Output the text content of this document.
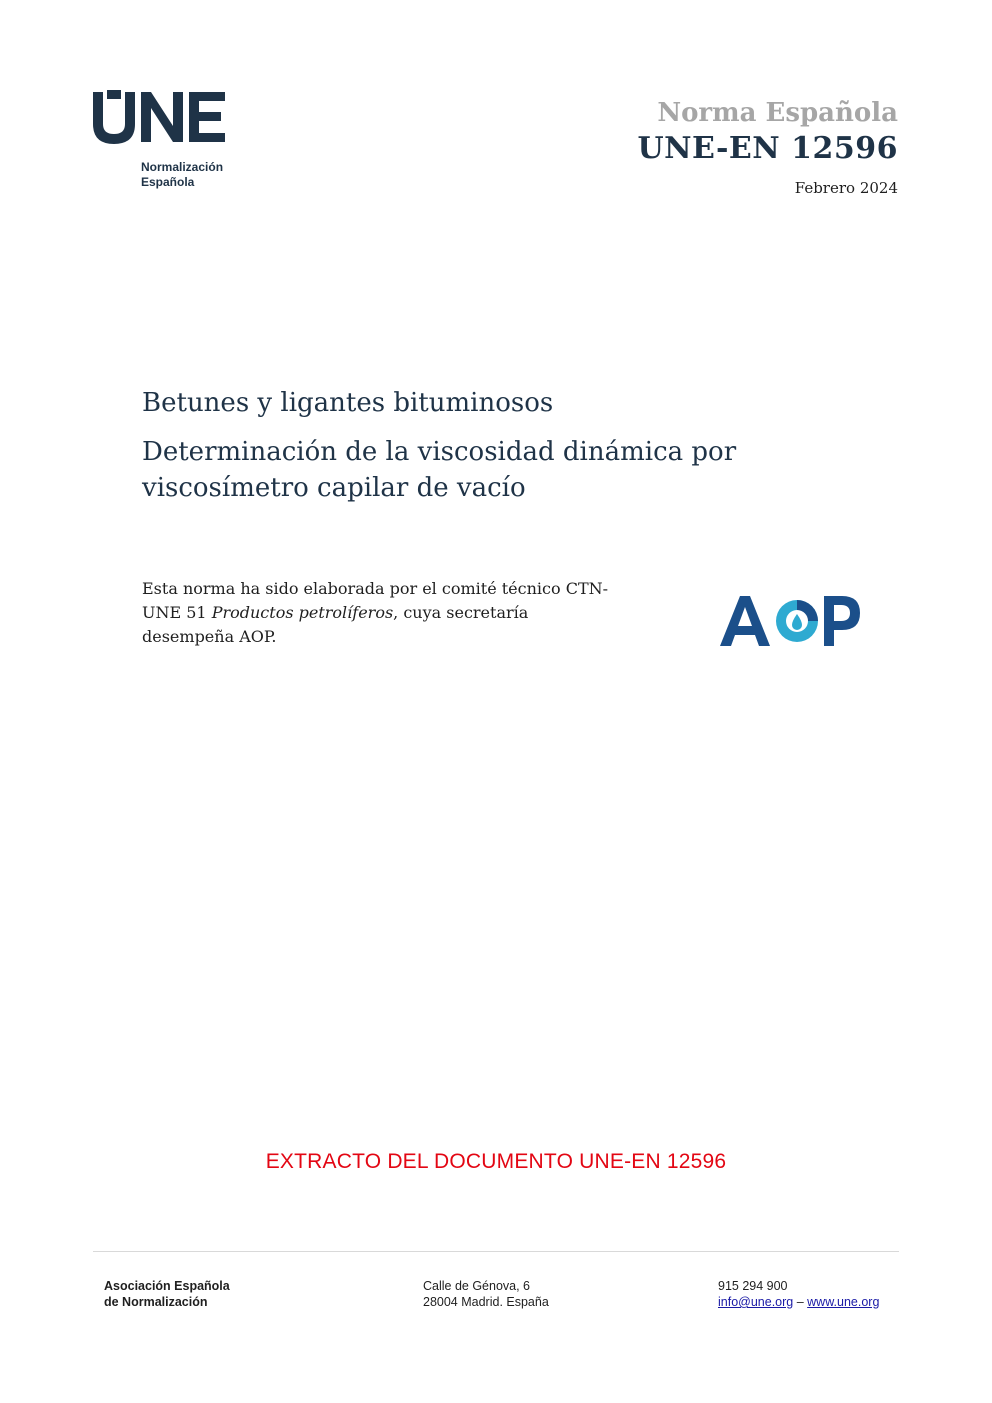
Normalización
Española
Norma Española
UNE-EN 12596
Febrero 2024
Betunes y ligantes bituminosos
Determinación de la viscosidad dinámica por viscosímetro capilar de vacío
Esta norma ha sido elaborada por el comité técnico CTN-UNE 51 Productos petrolíferos, cuya secretaría desempeña AOP.
EXTRACTO DEL DOCUMENTO UNE-EN 12596
Asociación Española
de Normalización
Calle de Génova, 6
28004 Madrid. España
915 294 900
info@une.org – www.une.org
